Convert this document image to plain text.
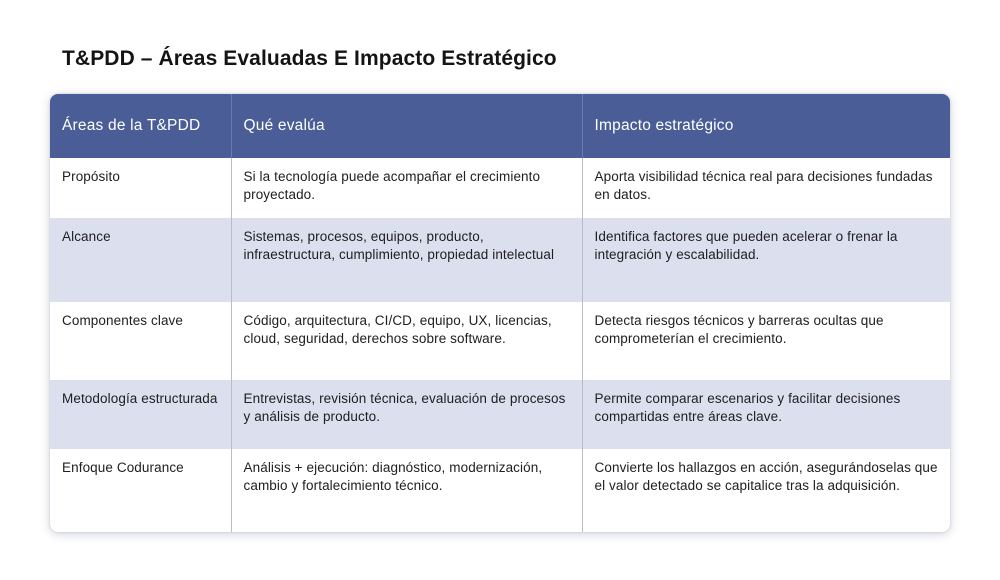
T&PDD – Áreas Evaluadas E Impacto Estratégico
Áreas de la T&PDD	Qué evalúa	Impacto estratégico
Propósito	Si la tecnología puede acompañar el crecimiento proyectado.	Aporta visibilidad técnica real para decisiones fundadas en datos.
Alcance	Sistemas, procesos, equipos, producto, infraestructura, cumplimiento, propiedad intelectual	Identifica factores que pueden acelerar o frenar la integración y escalabilidad.
Componentes clave	Código, arquitectura, CI/CD, equipo, UX, licencias, cloud, seguridad, derechos sobre software.	Detecta riesgos técnicos y barreras ocultas que comprometerían el crecimiento.
Metodología estructurada	Entrevistas, revisión técnica, evaluación de procesos y análisis de producto.	Permite comparar escenarios y facilitar decisiones compartidas entre áreas clave.
Enfoque Codurance	Análisis + ejecución: diagnóstico, modernización, cambio y fortalecimiento técnico.	Convierte los hallazgos en acción, asegurándoselas que el valor detectado se capitalice tras la adquisición.
